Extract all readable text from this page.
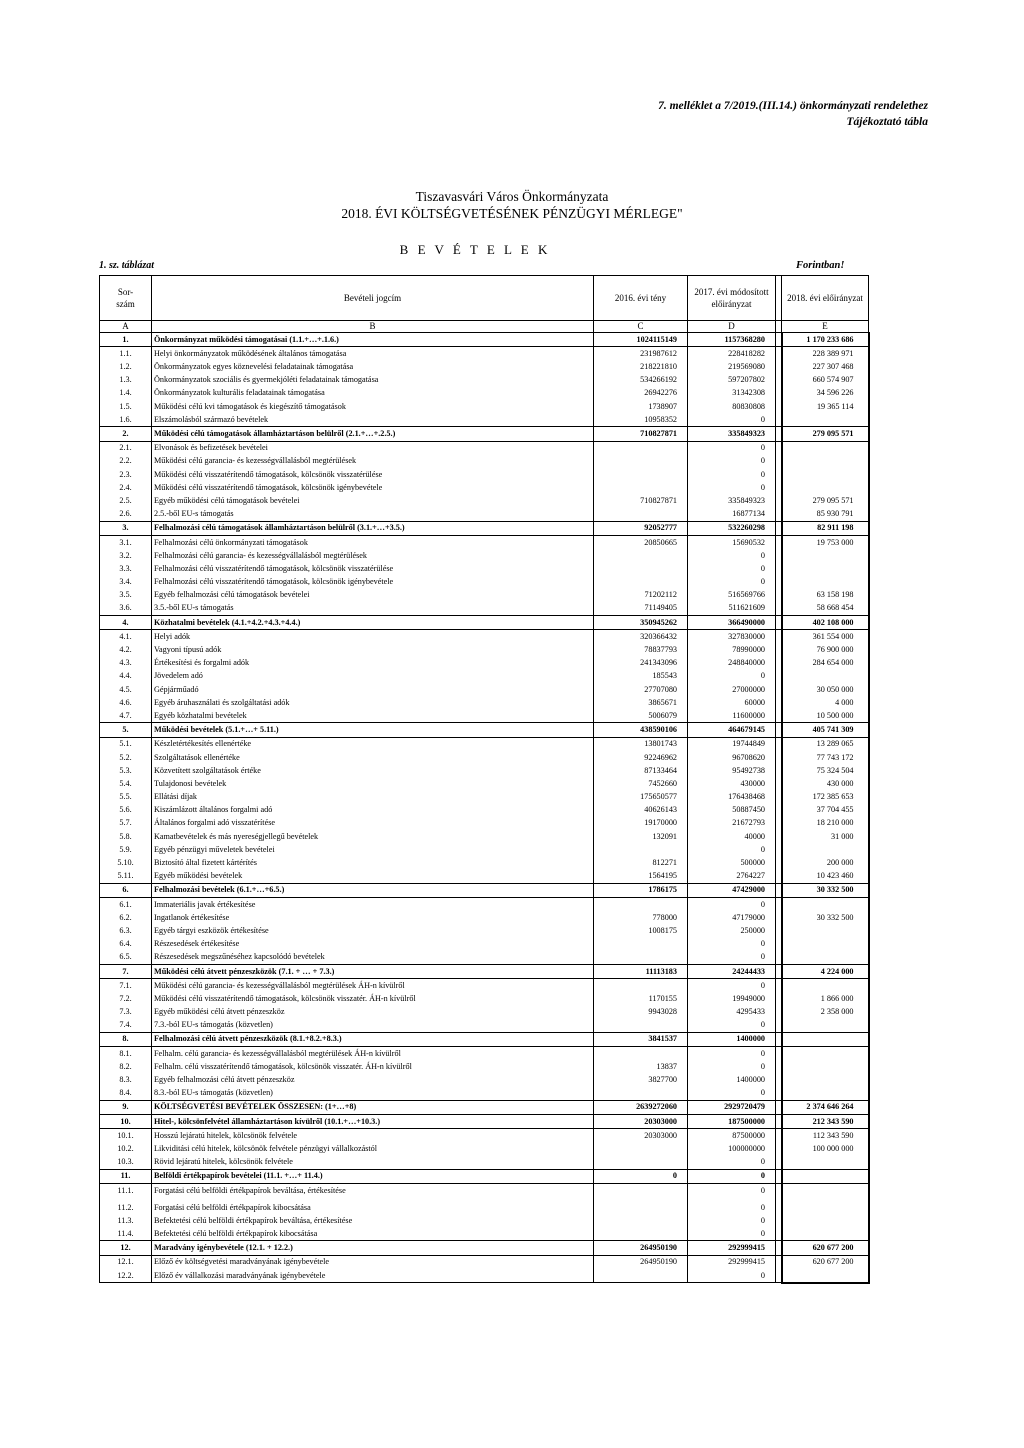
7. melléklet a 7/2019.(III.14.) önkormányzati rendelethez
Tájékoztató tábla
Tiszavasvári Város Önkormányzata
2018. ÉVI KÖLTSÉGVETÉSÉNEK PÉNZÜGYI MÉRLEGE"
B E V É T E L E K
1. sz. táblázat	Forintban!
Sor-
szám	Bevételi jogcím	2016. évi tény	2017. évi módosított előirányzat		2018. évi előirányzat
A	B	C	D		E
1.	Önkormányzat működési támogatásai (1.1.+…+.1.6.)	1024115149	1157368280		1 170 233 686
1.1.	Helyi önkormányzatok működésének általános támogatása	231987612	228418282		228 389 971
1.2.	Önkormányzatok egyes köznevelési feladatainak támogatása	218221810	219569080		227 307 468
1.3.	Önkormányzatok szociális és gyermekjóléti feladatainak támogatása	534266192	597207802		660 574 907
1.4.	Önkormányzatok kulturális feladatainak támogatása	26942276	31342308		34 596 226
1.5.	Működési célú kvi támogatások és kiegészítő támogatások	1738907	80830808		19 365 114
1.6.	Elszámolásból származó bevételek	10958352	0		
2.	Működési célú támogatások államháztartáson belülről (2.1.+…+.2.5.)	710827871	335849323		279 095 571
2.1.	Elvonások és befizetések bevételei		0		
2.2.	Működési célú garancia- és kezességvállalásból megtérülések		0		
2.3.	Működési célú visszatérítendő támogatások, kölcsönök visszatérülése		0		
2.4.	Működési célú visszatérítendő támogatások, kölcsönök igénybevétele		0		
2.5.	Egyéb működési célú támogatások bevételei	710827871	335849323		279 095 571
2.6.	2.5.-ből EU-s támogatás		16877134		85 930 791
3.	Felhalmozási célú támogatások államháztartáson belülről (3.1.+…+3.5.)	92052777	532260298		82 911 198
3.1.	Felhalmozási célú önkormányzati támogatások	20850665	15690532		19 753 000
3.2.	Felhalmozási célú garancia- és kezességvállalásból megtérülések		0		
3.3.	Felhalmozási célú visszatérítendő támogatások, kölcsönök visszatérülése		0		
3.4.	Felhalmozási célú visszatérítendő támogatások, kölcsönök igénybevétele		0		
3.5.	Egyéb felhalmozási célú támogatások bevételei	71202112	516569766		63 158 198
3.6.	3.5.-ből EU-s támogatás	71149405	511621609		58 668 454
4.	Közhatalmi bevételek (4.1.+4.2.+4.3.+4.4.)	350945262	366490000		402 108 000
4.1.	Helyi adók	320366432	327830000		361 554 000
4.2.	Vagyoni típusú adók	78837793	78990000		76 900 000
4.3.	Értékesítési és forgalmi adók	241343096	248840000		284 654 000
4.4.	Jövedelem adó	185543	0		
4.5.	Gépjárműadó	27707080	27000000		30 050 000
4.6.	Egyéb áruhasználati és szolgáltatási adók	3865671	60000		4 000
4.7.	Egyéb közhatalmi bevételek	5006079	11600000		10 500 000
5.	Működési bevételek (5.1.+…+ 5.11.)	438590106	464679145		405 741 309
5.1.	Készletértékesítés ellenértéke	13801743	19744849		13 289 065
5.2.	Szolgáltatások ellenértéke	92246962	96708620		77 743 172
5.3.	Közvetített szolgáltatások értéke	87133464	95492738		75 324 504
5.4.	Tulajdonosi bevételek	7452660	430000		430 000
5.5.	Ellátási díjak	175650577	176438468		172 385 653
5.6.	Kiszámlázott általános forgalmi adó	40626143	50887450		37 704 455
5.7.	Általános forgalmi adó visszatérítése	19170000	21672793		18 210 000
5.8.	Kamatbevételek és más nyereségjellegű bevételek	132091	40000		31 000
5.9.	Egyéb pénzügyi műveletek bevételei		0		
5.10.	Biztosító által fizetett kártérítés	812271	500000		200 000
5.11.	Egyéb működési bevételek	1564195	2764227		10 423 460
6.	Felhalmozási bevételek (6.1.+…+6.5.)	1786175	47429000		30 332 500
6.1.	Immateriális javak értékesítése		0		
6.2.	Ingatlanok értékesítése	778000	47179000		30 332 500
6.3.	Egyéb tárgyi eszközök értékesítése	1008175	250000		
6.4.	Részesedések értékesítése		0		
6.5.	Részesedések megszűnéséhez kapcsolódó bevételek		0		
7.	Működési célú átvett pénzeszközök (7.1. + … + 7.3.)	11113183	24244433		4 224 000
7.1.	Működési célú garancia- és kezességvállalásból megtérülések ÁH-n kívülről		0		
7.2.	Működési célú visszatérítendő támogatások, kölcsönök visszatér. ÁH-n kívülről	1170155	19949000		1 866 000
7.3.	Egyéb működési célú átvett pénzeszköz	9943028	4295433		2 358 000
7.4.	7.3.-ból EU-s támogatás (közvetlen)		0		
8.	Felhalmozási célú átvett pénzeszközök (8.1.+8.2.+8.3.)	3841537	1400000		
8.1.	Felhalm. célú garancia- és kezességvállalásból megtérülések ÁH-n kívülről		0		
8.2.	Felhalm. célú visszatérítendő támogatások, kölcsönök visszatér. ÁH-n kívülről	13837	0		
8.3.	Egyéb felhalmozási célú átvett pénzeszköz	3827700	1400000		
8.4.	8.3.-ból EU-s támogatás (közvetlen)		0		
9.	KÖLTSÉGVETÉSI BEVÉTELEK ÖSSZESEN: (1+…+8)	2639272060	2929720479		2 374 646 264
10.	Hitel-, kölcsönfelvétel államháztartáson kívülről (10.1.+…+10.3.)	20303000	187500000		212 343 590
10.1.	Hosszú lejáratú hitelek, kölcsönök felvétele	20303000	87500000		112 343 590
10.2.	Likviditási célú hitelek, kölcsönök felvétele pénzügyi vállalkozástól		100000000		100 000 000
10.3.	Rövid lejáratú hitelek, kölcsönök felvétele		0		
11.	Belföldi értékpapírok bevételei (11.1. +…+ 11.4.)	0	0		
11.1.	Forgatási célú belföldi értékpapírok beváltása, értékesítése		0		
11.2.	Forgatási célú belföldi értékpapírok kibocsátása		0		
11.3.	Befektetési célú belföldi értékpapírok beváltása, értékesítése		0		
11.4.	Befektetési célú belföldi értékpapírok kibocsátása		0		
12.	Maradvány igénybevétele (12.1. + 12.2.)	264950190	292999415		620 677 200
12.1.	Előző év költségvetési maradványának igénybevétele	264950190	292999415		620 677 200
12.2.	Előző év vállalkozási maradványának igénybevétele		0		
